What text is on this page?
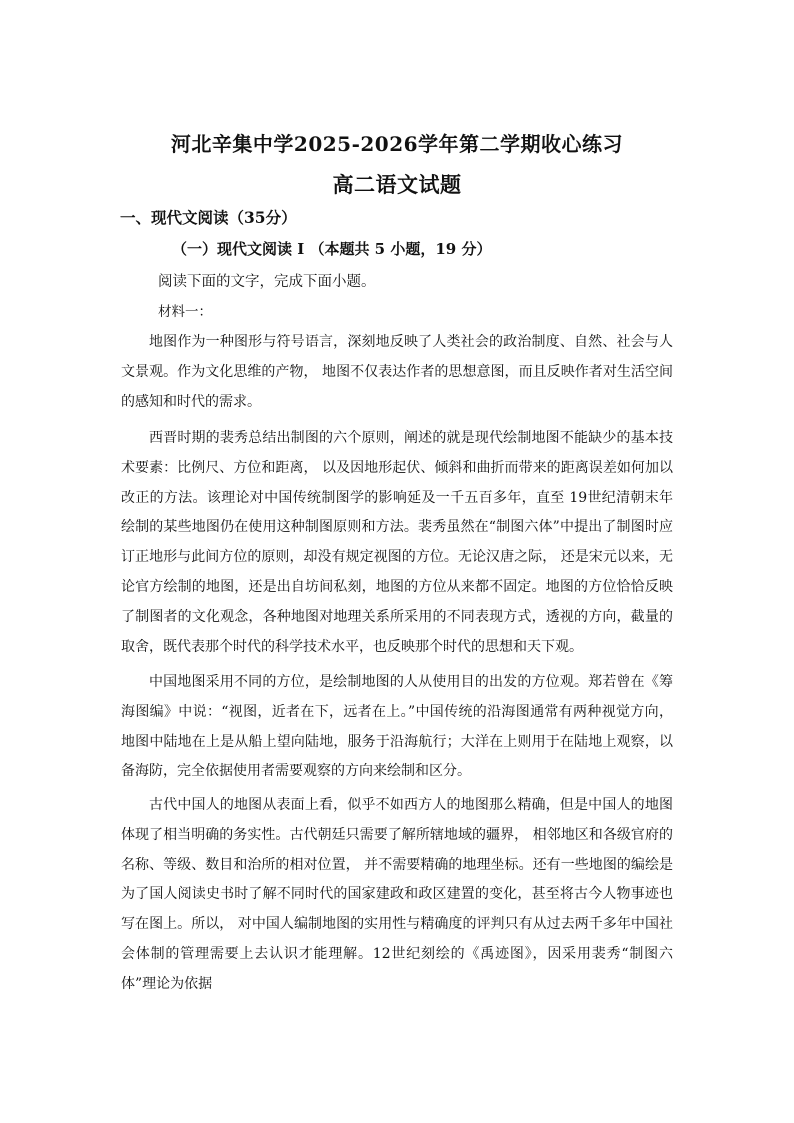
河北辛集中学2025-2026学年第二学期收心练习
高二语文试题
一、现代文阅读（35分）
（一）现代文阅读 I （本题共 5 小题，19 分）
阅读下面的文字，完成下面小题。
材料一：

地图作为一种图形与符号语言，深刻地反映了人类社会的政治制度、自然、社会与人文景观。作为文化思维的产物， 地图不仅表达作者的思想意图，而且反映作者对生活空间的感知和时代的需求。

西晋时期的裴秀总结出制图的六个原则，阐述的就是现代绘制地图不能缺少的基本技术要素：比例尺、方位和距离， 以及因地形起伏、倾斜和曲折而带来的距离误差如何加以改正的方法。该理论对中国传统制图学的影响延及一千五百多年，直至 19世纪清朝末年绘制的某些地图仍在使用这种制图原则和方法。裴秀虽然在“制图六体”中提出了制图时应订正地形与此间方位的原则，却没有规定视图的方位。无论汉唐之际， 还是宋元以来，无论官方绘制的地图，还是出自坊间私刻，地图的方位从来都不固定。地图的方位恰恰反映了制图者的文化观念，各种地图对地理关系所采用的不同表现方式，透视的方向，截量的取舍，既代表那个时代的科学技术水平，也反映那个时代的思想和天下观。

中国地图采用不同的方位，是绘制地图的人从使用目的出发的方位观。郑若曾在《筹海图编》中说：“视图，近者在下，远者在上。”中国传统的沿海图通常有两种视觉方向，地图中陆地在上是从船上望向陆地，服务于沿海航行；大洋在上则用于在陆地上观察，以备海防，完全依据使用者需要观察的方向来绘制和区分。

古代中国人的地图从表面上看，似乎不如西方人的地图那么精确，但是中国人的地图体现了相当明确的务实性。古代朝廷只需要了解所辖地域的疆界， 相邻地区和各级官府的名称、等级、数目和治所的相对位置， 并不需要精确的地理坐标。还有一些地图的编绘是为了国人阅读史书时了解不同时代的国家建政和政区建置的变化，甚至将古今人物事迹也写在图上。所以， 对中国人编制地图的实用性与精确度的评判只有从过去两千多年中国社会体制的管理需要上去认识才能理解。12世纪刻绘的《禹迹图》，因采用裴秀“制图六体”理论为依据
